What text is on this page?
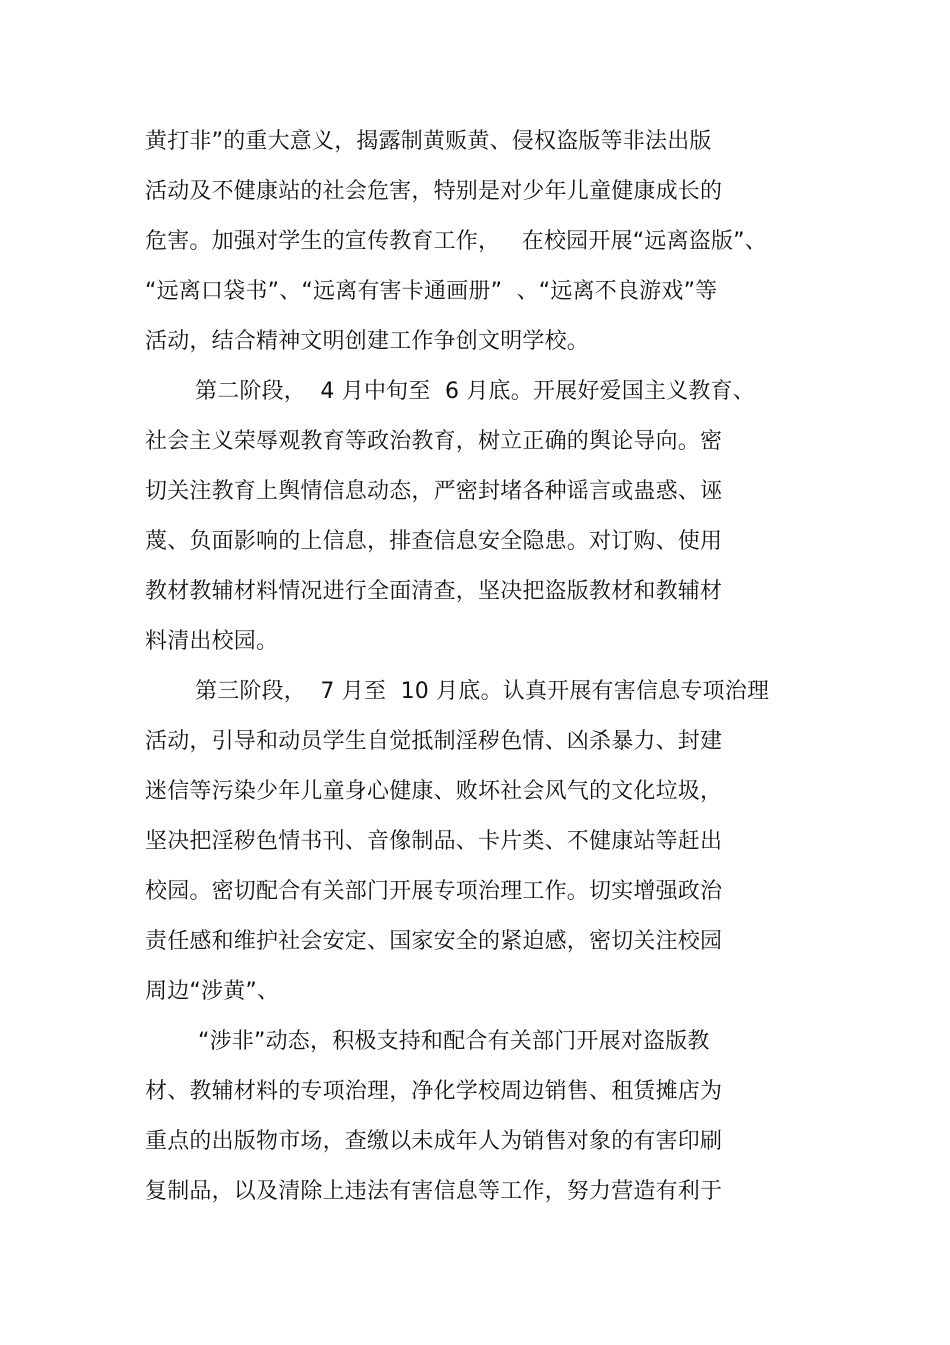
黄打非”的重大意义，揭露制黄贩黄、侵权盗版等非法出版
活动及不健康站的社会危害，特别是对少年儿童健康成长的
危害。加强对学生的宣传教育工作，   在校园开展“远离盗版”、
“远离口袋书”、“远离有害卡通画册”  、“远离不良游戏”等
活动，结合精神文明创建工作争创文明学校。
第二阶段，  4 月中旬至  6 月底。开展好爱国主义教育、
社会主义荣辱观教育等政治教育，树立正确的舆论导向。密
切关注教育上舆情信息动态，严密封堵各种谣言或蛊惑、诬
蔑、负面影响的上信息，排查信息安全隐患。对订购、使用
教材教辅材料情况进行全面清查，坚决把盗版教材和教辅材
料清出校园。
第三阶段，  7 月至  10 月底。认真开展有害信息专项治理
活动，引导和动员学生自觉抵制淫秽色情、凶杀暴力、封建
迷信等污染少年儿童身心健康、败坏社会风气的文化垃圾，
坚决把淫秽色情书刊、音像制品、卡片类、不健康站等赶出
校园。密切配合有关部门开展专项治理工作。切实增强政治
责任感和维护社会安定、国家安全的紧迫感，密切关注校园
周边“涉黄”、
“涉非”动态，积极支持和配合有关部门开展对盗版教
材、教辅材料的专项治理，净化学校周边销售、租赁摊店为
重点的出版物市场，查缴以未成年人为销售对象的有害印刷
复制品，以及清除上违法有害信息等工作，努力营造有利于
